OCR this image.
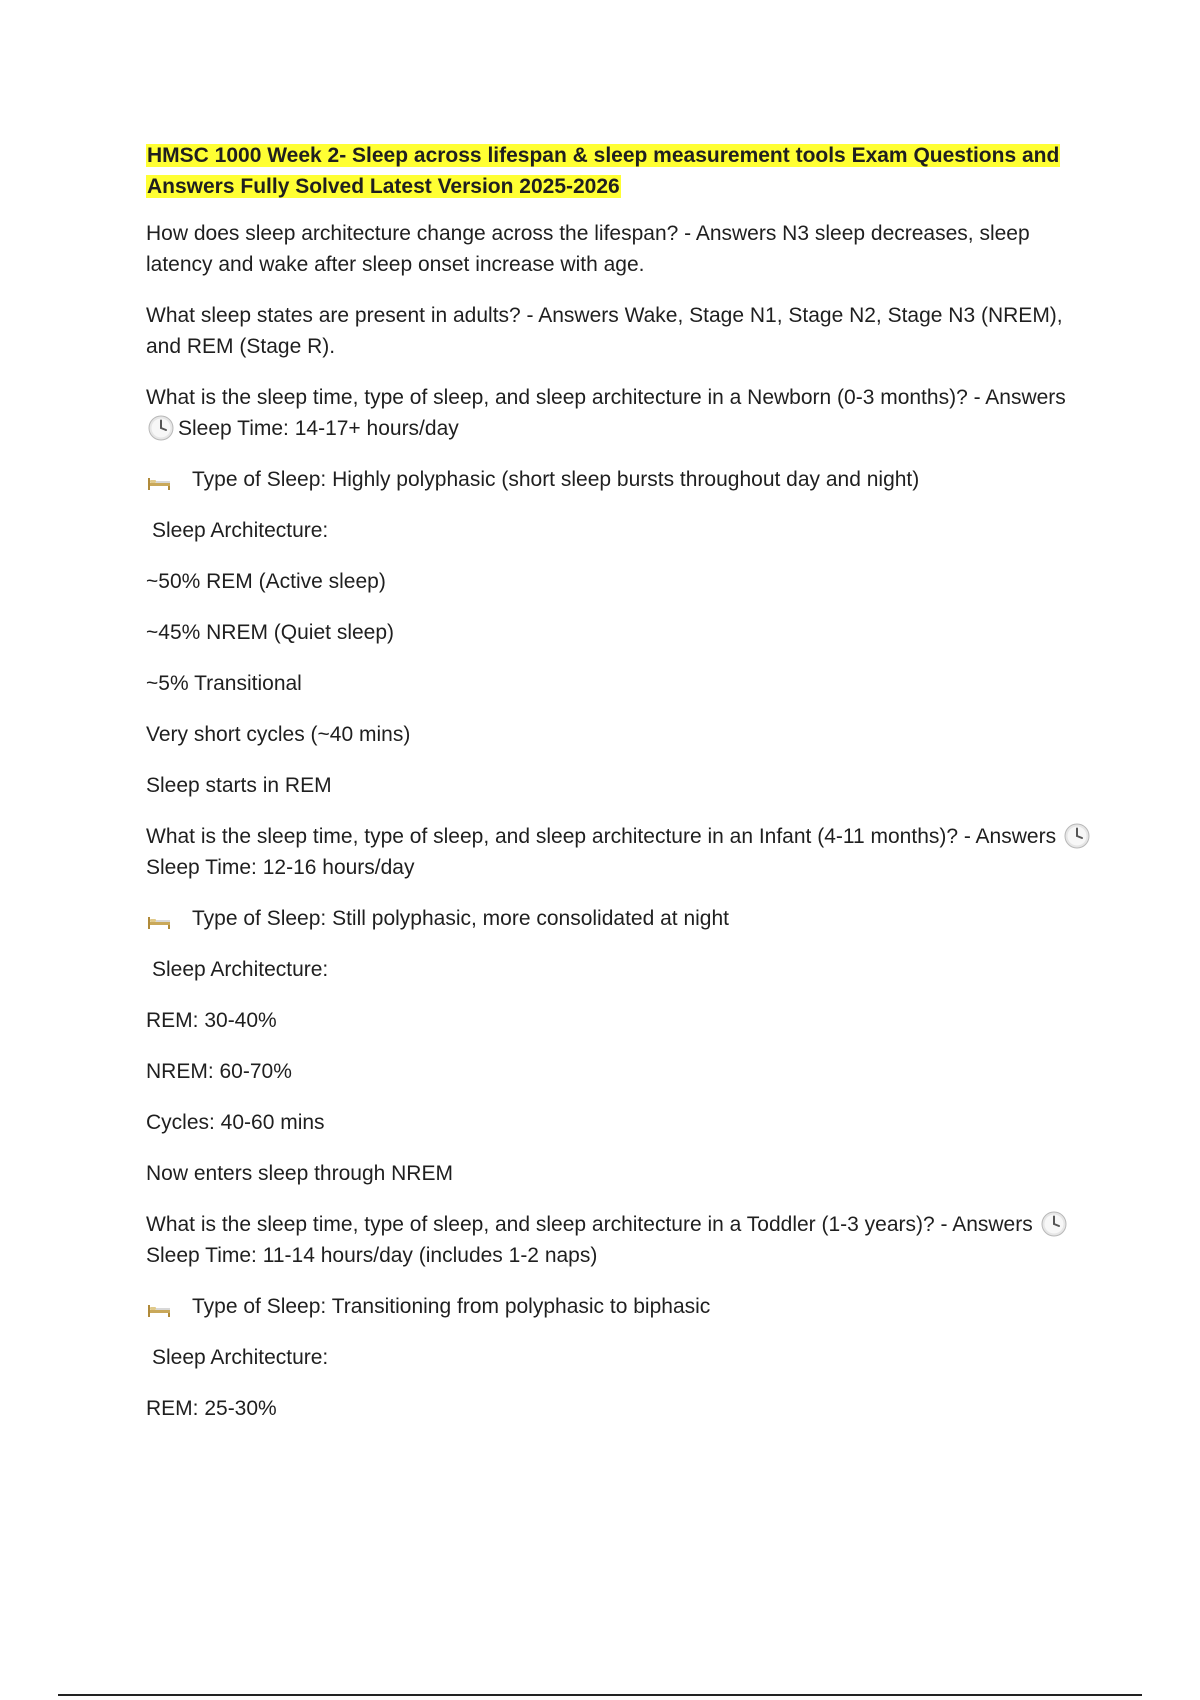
HMSC 1000 Week 2- Sleep across lifespan & sleep measurement tools Exam Questions and Answers Fully Solved Latest Version 2025-2026
How does sleep architecture change across the lifespan? - Answers N3 sleep decreases, sleep latency and wake after sleep onset increase with age.
What sleep states are present in adults? - Answers Wake, Stage N1, Stage N2, Stage N3 (NREM), and REM (Stage R).
What is the sleep time, type of sleep, and sleep architecture in a Newborn (0-3 months)? - Answers Sleep Time: 14-17+ hours/day
Type of Sleep: Highly polyphasic (short sleep bursts throughout day and night)
Sleep Architecture:
~50% REM (Active sleep)
~45% NREM (Quiet sleep)
~5% Transitional
Very short cycles (~40 mins)
Sleep starts in REM
What is the sleep time, type of sleep, and sleep architecture in an Infant (4-11 months)? - Answers Sleep Time: 12-16 hours/day
Type of Sleep: Still polyphasic, more consolidated at night
Sleep Architecture:
REM: 30-40%
NREM: 60-70%
Cycles: 40-60 mins
Now enters sleep through NREM
What is the sleep time, type of sleep, and sleep architecture in a Toddler (1-3 years)? - Answers Sleep Time: 11-14 hours/day (includes 1-2 naps)
Type of Sleep: Transitioning from polyphasic to biphasic
Sleep Architecture:
REM: 25-30%
